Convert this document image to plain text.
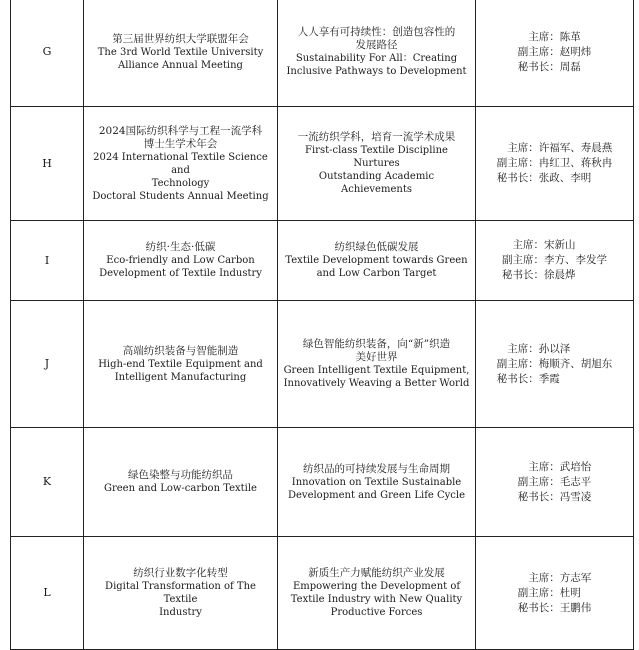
G	第三届世界纺织大学联盟年会
The 3rd World Textile University
Alliance Annual Meeting	人人享有可持续性：创造包容性的
发展路径
Sustainability For All：Creating
Inclusive Pathways to Development	主席：陈革
副主席：赵明炜
秘书长：周磊

H	2024国际纺织科学与工程一流学科
博士生学术年会
2024 International Textile Science and
Technology
Doctoral Students Annual Meeting	一流纺织学科，培育一流学术成果
First-class Textile Discipline Nurtures
Outstanding Academic Achievements	主席：许福军、寿晨燕
副主席：冉红卫、蒋秋冉
秘书长：张政、李明

I	纺织·生态·低碳
Eco-friendly and Low Carbon
Development of Textile Industry	纺织绿色低碳发展
Textile Development towards Green
and Low Carbon Target	主席：宋新山
副主席：李方、李发学
秘书长：徐晨烨

J	高端纺织装备与智能制造
High-end Textile Equipment and
Intelligent Manufacturing	绿色智能纺织装备，向“新”织造
美好世界
Green Intelligent Textile Equipment,
Innovatively Weaving a Better World	主席：孙以泽
副主席：梅顺齐、胡旭东
秘书长：季霞

K	绿色染整与功能纺织品
Green and Low-carbon Textile	纺织品的可持续发展与生命周期
Innovation on Textile Sustainable
Development and Green Life Cycle	主席：武培怡
副主席：毛志平
秘书长：冯雪凌

L	纺织行业数字化转型
Digital Transformation of The Textile
Industry	新质生产力赋能纺织产业发展
Empowering the Development of
Textile Industry with New Quality
Productive Forces	主席：方志军
副主席：杜明
秘书长：王鹏伟
